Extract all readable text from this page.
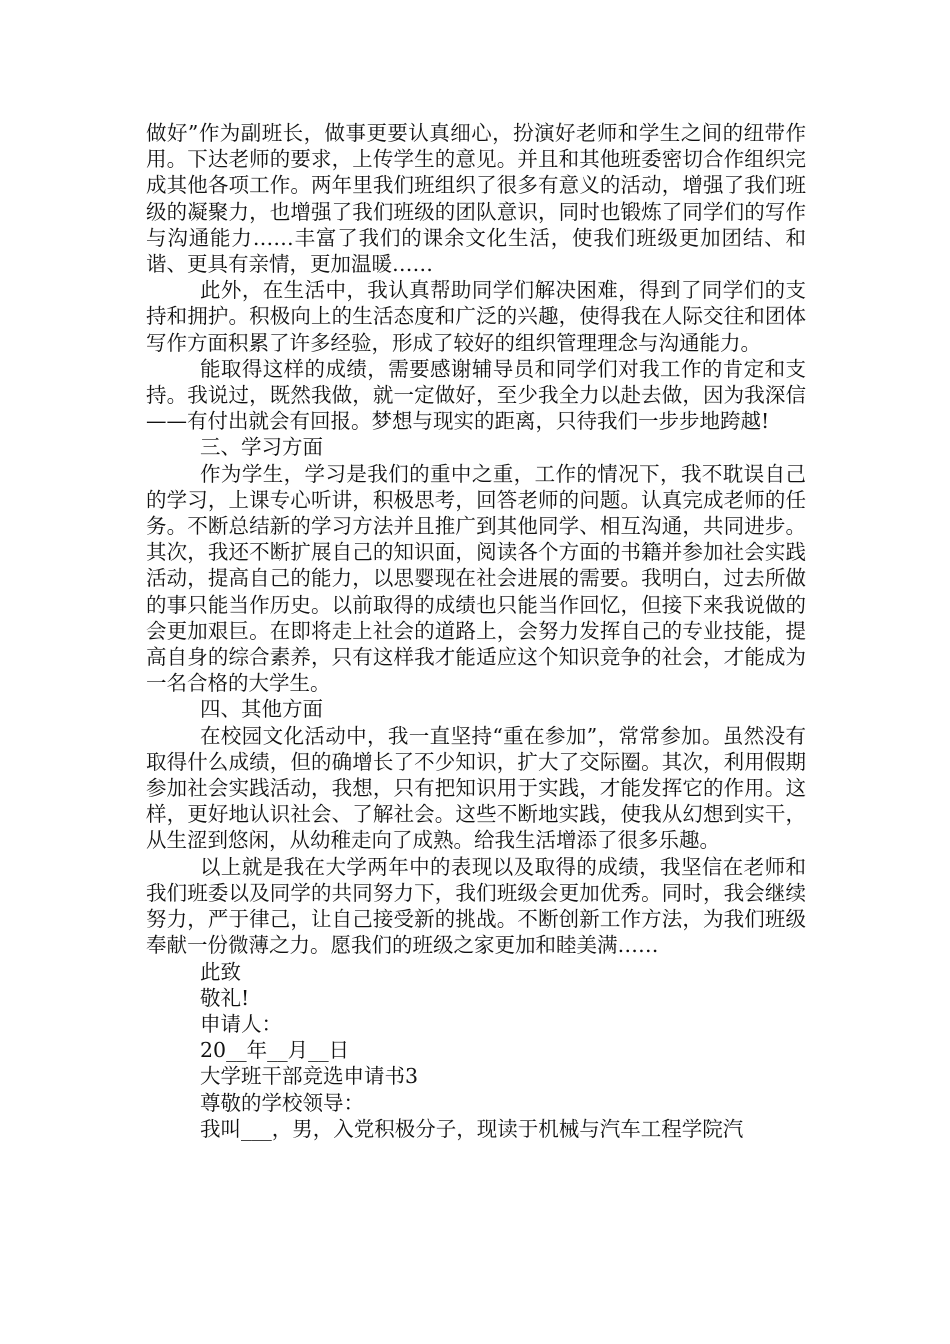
做好”作为副班长，做事更要认真细心，扮演好老师和学生之间的纽带作用。下达老师的要求，上传学生的意见。并且和其他班委密切合作组织完成其他各项工作。两年里我们班组织了很多有意义的活动，增强了我们班级的凝聚力，也增强了我们班级的团队意识，同时也锻炼了同学们的写作与沟通能力……丰富了我们的课余文化生活，使我们班级更加团结、和谐、更具有亲情，更加温暖……

此外，在生活中，我认真帮助同学们解决困难，得到了同学们的支持和拥护。积极向上的生活态度和广泛的兴趣，使得我在人际交往和团体写作方面积累了许多经验，形成了较好的组织管理理念与沟通能力。

能取得这样的成绩，需要感谢辅导员和同学们对我工作的肯定和支持。我说过，既然我做，就一定做好，至少我全力以赴去做，因为我深信——有付出就会有回报。梦想与现实的距离，只待我们一步步地跨越!

三、学习方面

作为学生，学习是我们的重中之重，工作的情况下，我不耽误自己的学习，上课专心听讲，积极思考，回答老师的问题。认真完成老师的任务。不断总结新的学习方法并且推广到其他同学、相互沟通，共同进步。其次，我还不断扩展自己的知识面，阅读各个方面的书籍并参加社会实践活动，提高自己的能力，以思婴现在社会进展的需要。我明白，过去所做的事只能当作历史。以前取得的成绩也只能当作回忆，但接下来我说做的会更加艰巨。在即将走上社会的道路上，会努力发挥自己的专业技能，提高自身的综合素养，只有这样我才能适应这个知识竞争的社会，才能成为一名合格的大学生。

四、其他方面

在校园文化活动中，我一直坚持“重在参加”，常常参加。虽然没有取得什么成绩，但的确增长了不少知识，扩大了交际圈。其次，利用假期参加社会实践活动，我想，只有把知识用于实践，才能发挥它的作用。这样，更好地认识社会、了解社会。这些不断地实践，使我从幻想到实干，从生涩到悠闲，从幼稚走向了成熟。给我生活增添了很多乐趣。

以上就是我在大学两年中的表现以及取得的成绩，我坚信在老师和我们班委以及同学的共同努力下，我们班级会更加优秀。同时，我会继续努力，严于律己，让自己接受新的挑战。不断创新工作方法，为我们班级奉献一份微薄之力。愿我们的班级之家更加和睦美满……

此致

敬礼!

申请人：

20__年__月__日

大学班干部竞选申请书3

尊敬的学校领导：

我叫___，男，入党积极分子，现读于机械与汽车工程学院汽
